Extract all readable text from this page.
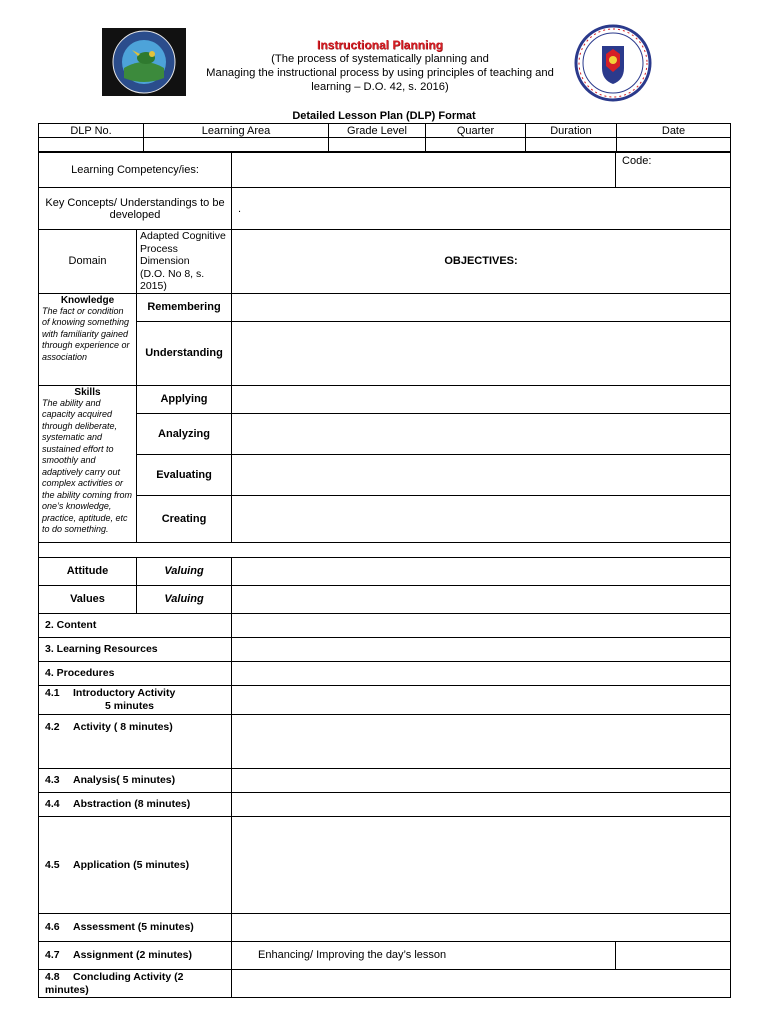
Instructional Planning
(The process of systematically planning and
Managing the instructional process by using principles of teaching and
learning – D.O. 42, s. 2016)
Detailed Lesson Plan (DLP) Format
DLP No.	Learning Area	Grade Level	Quarter	Duration	Date

Learning Competency/ies:			Code:
Key Concepts/ Understandings to be developed		.	
Domain	Adapted Cognitive
Process Dimension
(D.O. No 8, s. 2015)	OBJECTIVES:	

Knowledge
The fact or condition of knowing something with familiarity gained through experience or association	Remembering		
	Understanding		

Skills
The ability and capacity acquired through deliberate, systematic and sustained effort to smoothly and adaptively carry out complex activities or the ability coming from one’s knowledge, practice, aptitude, etc to do something.	Applying		
	Analyzing		
	Evaluating		
	Creating		

Attitude	Valuing		
Values	Valuing		
2. Content			
3. Learning Resources			
4. Procedures			
4.1 Introductory Activity
5 minutes			
4.2 Activity ( 8 minutes)			
4.3 Analysis( 5 minutes)			
4.4 Abstraction (8 minutes)			
4.5 Application (5 minutes)			
4.6 Assessment (5 minutes)			
4.7 Assignment (2 minutes)		Enhancing/ Improving the day’s lesson	
4.8 Concluding Activity (2 minutes)			
